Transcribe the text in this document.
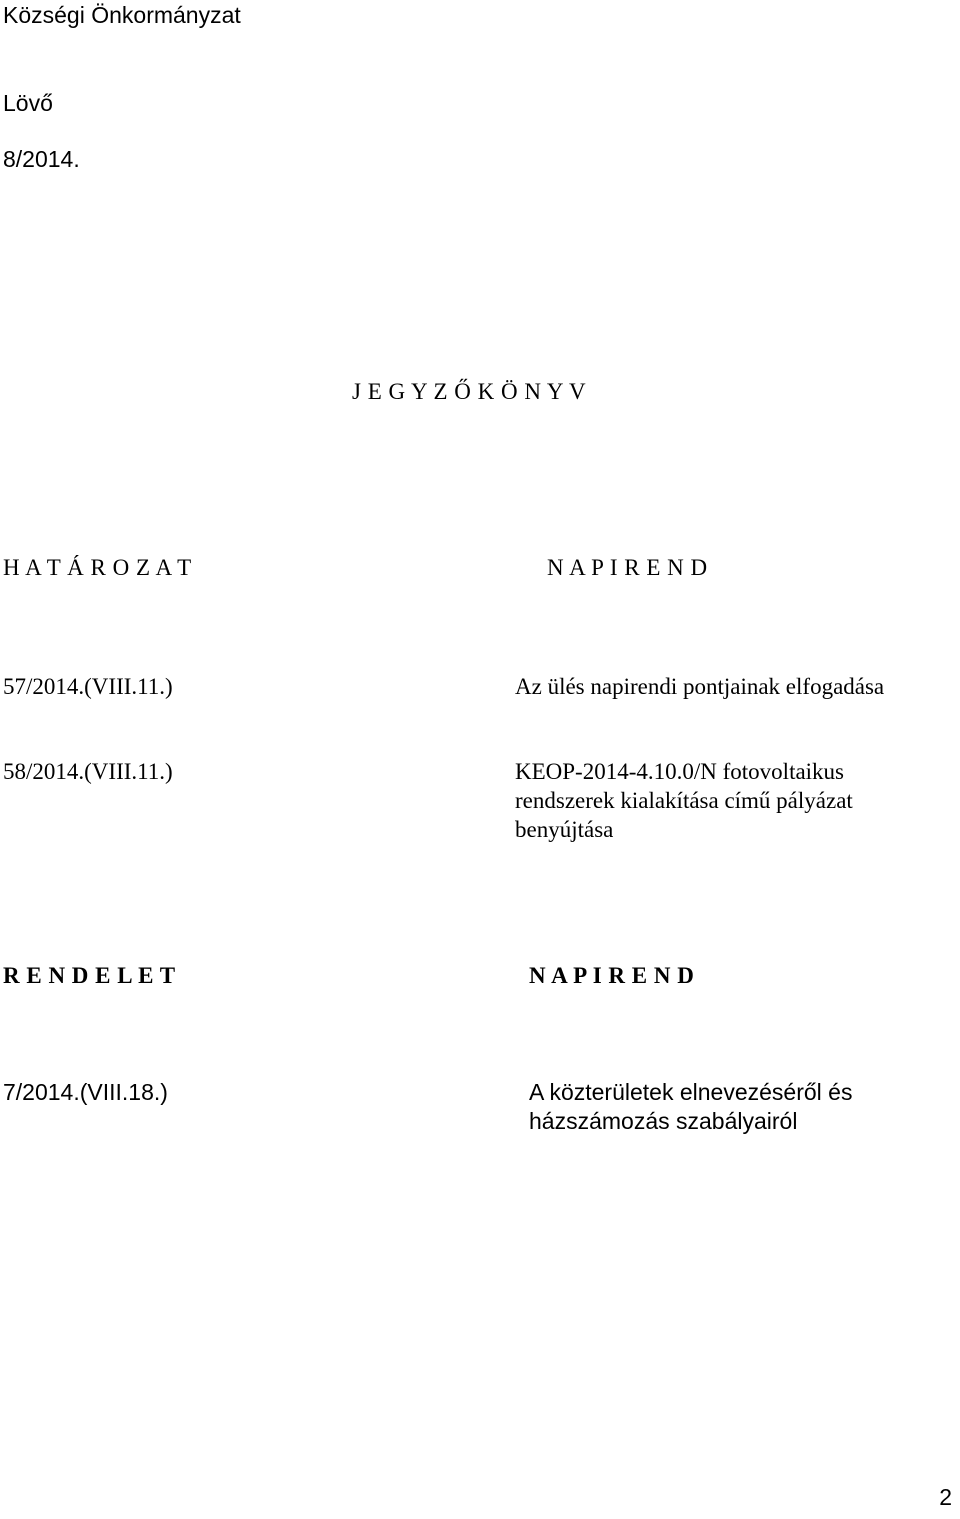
Községi Önkormányzat
Lövő
8/2014.
J E G Y Z Ő K Ö N Y V
H A T Á R O Z A T	N A P I R E N D
57/2014.(VIII.11.)	Az ülés napirendi pontjainak elfogadása
58/2014.(VIII.11.)	KEOP-2014-4.10.0/N fotovoltaikus
rendszerek kialakítása című pályázat
benyújtása
R E N D E L E T	N A P I R E N D
7/2014.(VIII.18.)	A közterületek elnevezéséről és
házszámozás szabályairól
2
